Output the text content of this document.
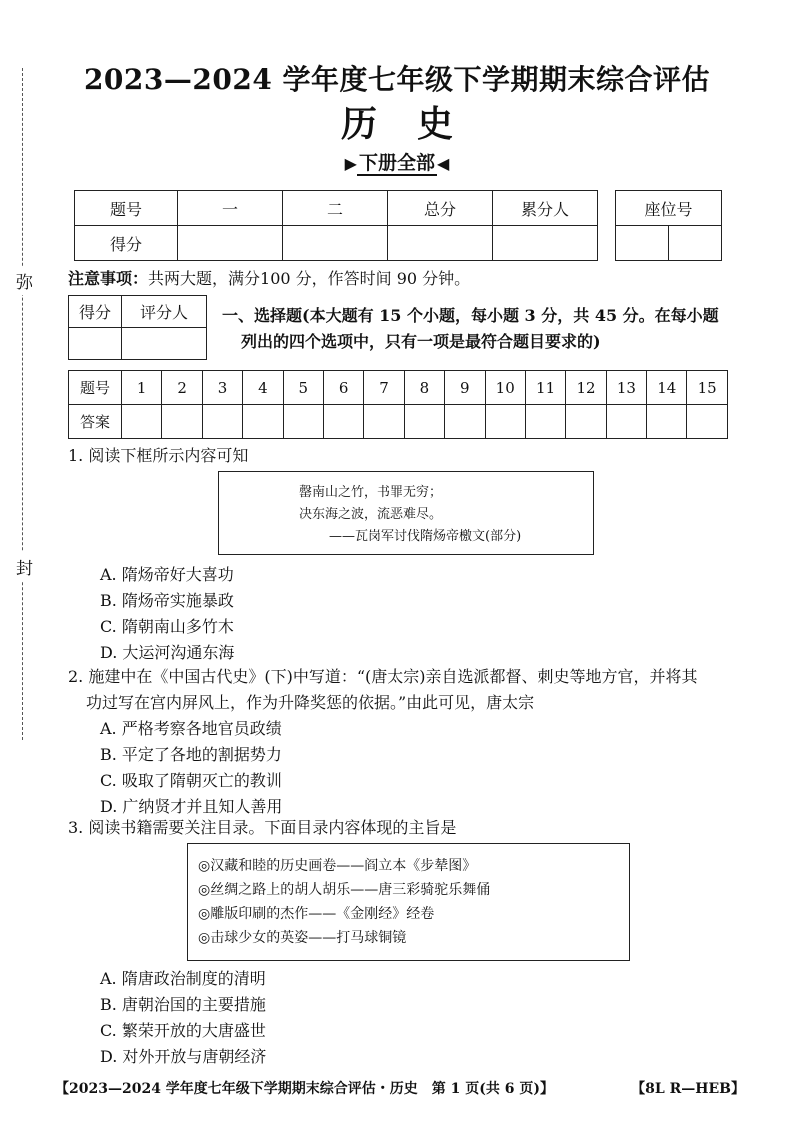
弥
封
2023—2024 学年度七年级下学期期末综合评估
历史
▶ 下册全部 ◀
题号	一	二	总分	累分人
得分				
座位号

注意事项：共两大题，满分100 分，作答时间 90 分钟。
得分	评分人
	一、选择题(本大题有 15 个小题，每小题 3 分，共 45 分。在每小题
列出的四个选项中，只有一项是最符合题目要求的)
题号	1	2	3	4	5	6	7	8	9	10	11	12	13	14	15
答案															
1. 阅读下框所示内容可知
罄南山之竹，书罪无穷；
决东海之波，流恶难尽。
——瓦岗军讨伐隋炀帝檄文(部分)
A. 隋炀帝好大喜功
B. 隋炀帝实施暴政
C. 隋朝南山多竹木
D. 大运河沟通东海
2. 施建中在《中国古代史》(下)中写道：“(唐太宗)亲自选派都督、刺史等地方官，并将其
功过写在宫内屏风上，作为升降奖惩的依据。”由此可见，唐太宗
A. 严格考察各地官员政绩
B. 平定了各地的割据势力
C. 吸取了隋朝灭亡的教训
D. 广纳贤才并且知人善用
3. 阅读书籍需要关注目录。下面目录内容体现的主旨是
◎汉藏和睦的历史画卷——阎立本《步辇图》
◎丝绸之路上的胡人胡乐——唐三彩骑驼乐舞俑
◎雕版印刷的杰作——《金刚经》经卷
◎击球少女的英姿——打马球铜镜
A. 隋唐政治制度的清明
B. 唐朝治国的主要措施
C. 繁荣开放的大唐盛世
D. 对外开放与唐朝经济
【2023—2024 学年度七年级下学期期末综合评估・历史　第 1 页(共 6 页)】	【8L R—HEB】
